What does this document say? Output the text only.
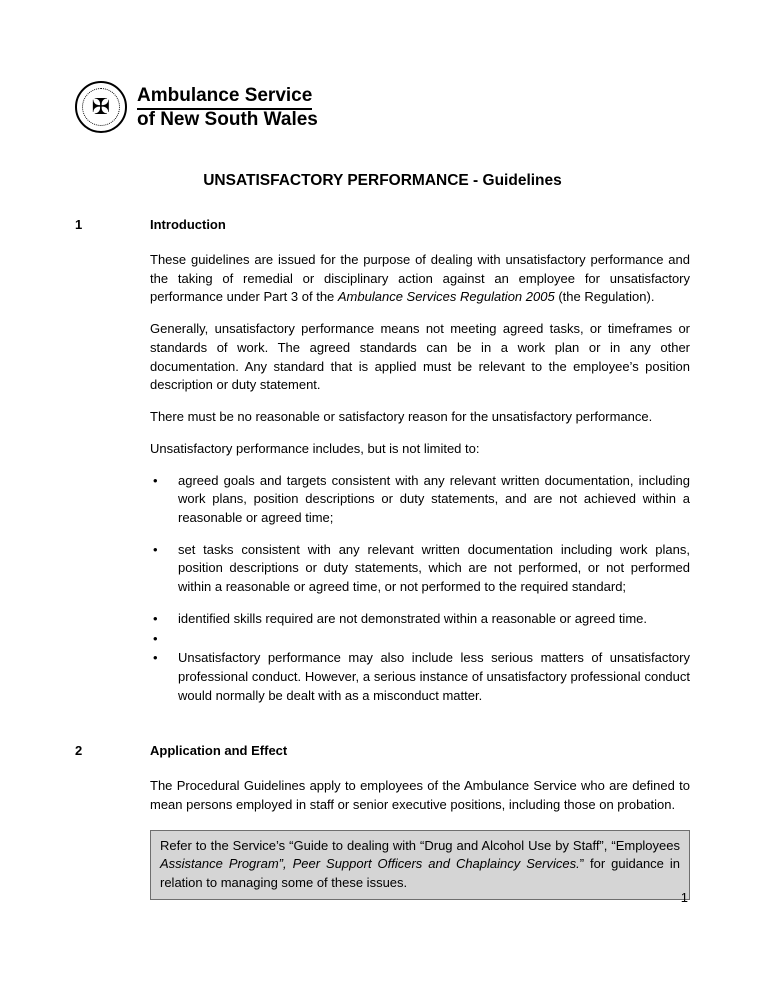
✠ Ambulance Service
of New South Wales
UNSATISFACTORY PERFORMANCE - Guidelines
1	Introduction

These guidelines are issued for the purpose of dealing with unsatisfactory performance and the taking of remedial or disciplinary action against an employee for unsatisfactory performance under Part 3 of the Ambulance Services Regulation 2005 (the Regulation).

Generally, unsatisfactory performance means not meeting agreed tasks, or timeframes or standards of work. The agreed standards can be in a work plan or in any other documentation. Any standard that is applied must be relevant to the employee’s position description or duty statement.

There must be no reasonable or satisfactory reason for the unsatisfactory performance.

Unsatisfactory performance includes, but is not limited to:

•	agreed goals and targets consistent with any relevant written documentation, including work plans, position descriptions or duty statements, and are not achieved within a reasonable or agreed time;
•	set tasks consistent with any relevant written documentation including work plans, position descriptions or duty statements, which are not performed, or not performed within a reasonable or agreed time, or not performed to the required standard;
•	identified skills required are not demonstrated within a reasonable or agreed time.
•
•	Unsatisfactory performance may also include less serious matters of unsatisfactory professional conduct. However, a serious instance of unsatisfactory professional conduct would normally be dealt with as a misconduct matter.
2	Application and Effect

The Procedural Guidelines apply to employees of the Ambulance Service who are defined to mean persons employed in staff or senior executive positions, including those on probation.

Refer to the Service’s “Guide to dealing with “Drug and Alcohol Use by Staff”, “Employees Assistance Program”, Peer Support Officers and Chaplaincy Services.” for guidance in relation to managing some of these issues.
1
